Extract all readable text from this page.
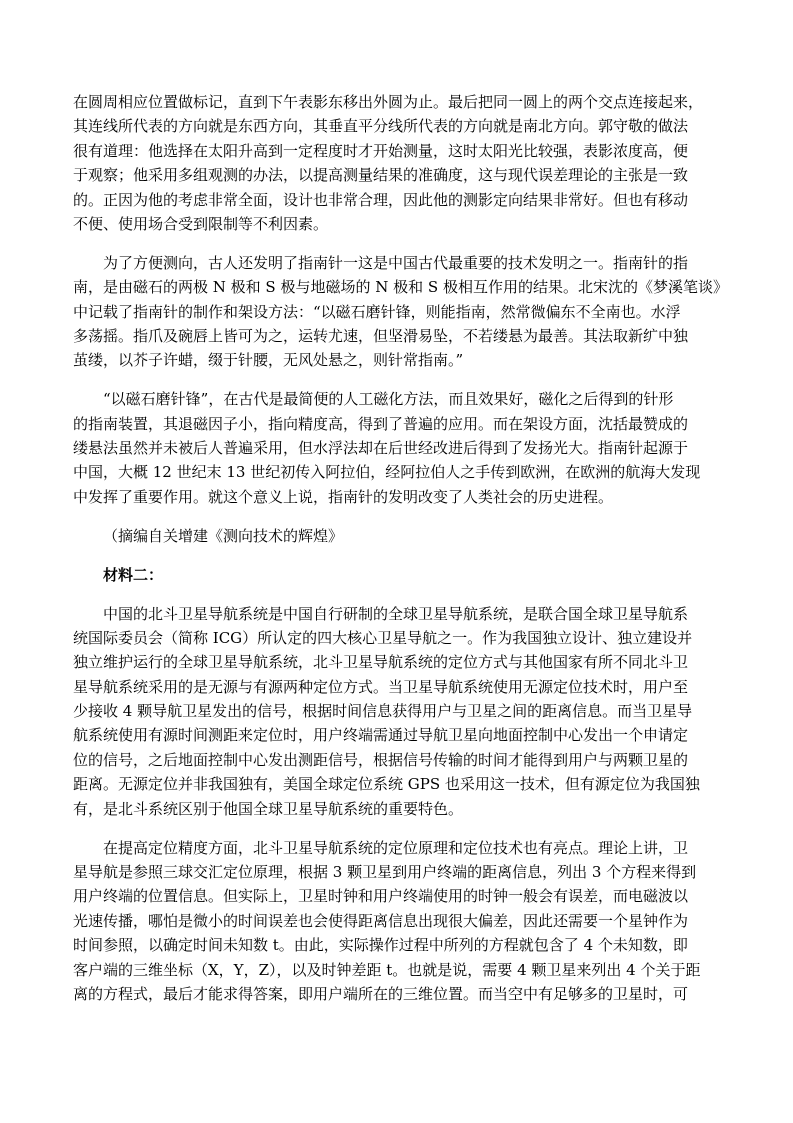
在圆周相应位置做标记，直到下午表影东移出外圆为止。最后把同一圆上的两个交点连接起来，
其连线所代表的方向就是东西方向，其垂直平分线所代表的方向就是南北方向。郭守敬的做法
很有道理：他选择在太阳升高到一定程度时才开始测量，这时太阳光比较强，表影浓度高，便
于观察；他采用多组观测的办法，以提高测量结果的准确度，这与现代误差理论的主张是一致
的。正因为他的考虑非常全面，设计也非常合理，因此他的测影定向结果非常好。但也有移动
不便、使用场合受到限制等不利因素。
为了方便测向，古人还发明了指南针一这是中国古代最重要的技术发明之一。指南针的指
南，是由磁石的两极 N 极和 S 极与地磁场的 N 极和 S 极相互作用的结果。北宋沈的《梦溪笔谈》
中记载了指南针的制作和架设方法：“以磁石磨针锋，则能指南，然常微偏东不全南也。水浮
多荡摇。指爪及碗唇上皆可为之，运转尤速，但坚滑易坠，不若缕悬为最善。其法取新纩中独
茧缕，以芥子许蜡，缀于针腰，无风处悬之，则针常指南。”
“以磁石磨针锋”，在古代是最简便的人工磁化方法，而且效果好，磁化之后得到的针形
的指南装置，其退磁因子小，指向精度高，得到了普遍的应用。而在架设方面，沈括最赞成的
缕悬法虽然并未被后人普遍采用，但水浮法却在后世经改进后得到了发扬光大。指南针起源于
中国，大概 12 世纪末 13 世纪初传入阿拉伯，经阿拉伯人之手传到欧洲，在欧洲的航海大发现
中发挥了重要作用。就这个意义上说，指南针的发明改变了人类社会的历史进程。
（摘编自关增建《测向技术的辉煌》
材料二：
中国的北斗卫星导航系统是中国自行研制的全球卫星导航系统，是联合国全球卫星导航系
统国际委员会（简称 ICG）所认定的四大核心卫星导航之一。作为我国独立设计、独立建设并
独立维护运行的全球卫星导航系统，北斗卫星导航系统的定位方式与其他国家有所不同北斗卫
星导航系统采用的是无源与有源两种定位方式。当卫星导航系统使用无源定位技术时，用户至
少接收 4 颗导航卫星发出的信号，根据时间信息获得用户与卫星之间的距离信息。而当卫星导
航系统使用有源时间测距来定位时，用户终端需通过导航卫星向地面控制中心发出一个申请定
位的信号，之后地面控制中心发出测距信号，根据信号传输的时间才能得到用户与两颗卫星的
距离。无源定位并非我国独有，美国全球定位系统 GPS 也采用这一技术，但有源定位为我国独
有，是北斗系统区别于他国全球卫星导航系统的重要特色。
在提高定位精度方面，北斗卫星导航系统的定位原理和定位技术也有亮点。理论上讲，卫
星导航是参照三球交汇定位原理，根据 3 颗卫星到用户终端的距离信息，列出 3 个方程来得到
用户终端的位置信息。但实际上，卫星时钟和用户终端使用的时钟一般会有误差，而电磁波以
光速传播，哪怕是微小的时间误差也会使得距离信息出现很大偏差，因此还需要一个星钟作为
时间参照，以确定时间未知数 t。由此，实际操作过程中所列的方程就包含了 4 个未知数，即
客户端的三维坐标（X，Y，Z），以及时钟差距 t。也就是说，需要 4 颗卫星来列出 4 个关于距
离的方程式，最后才能求得答案，即用户端所在的三维位置。而当空中有足够多的卫星时，可
